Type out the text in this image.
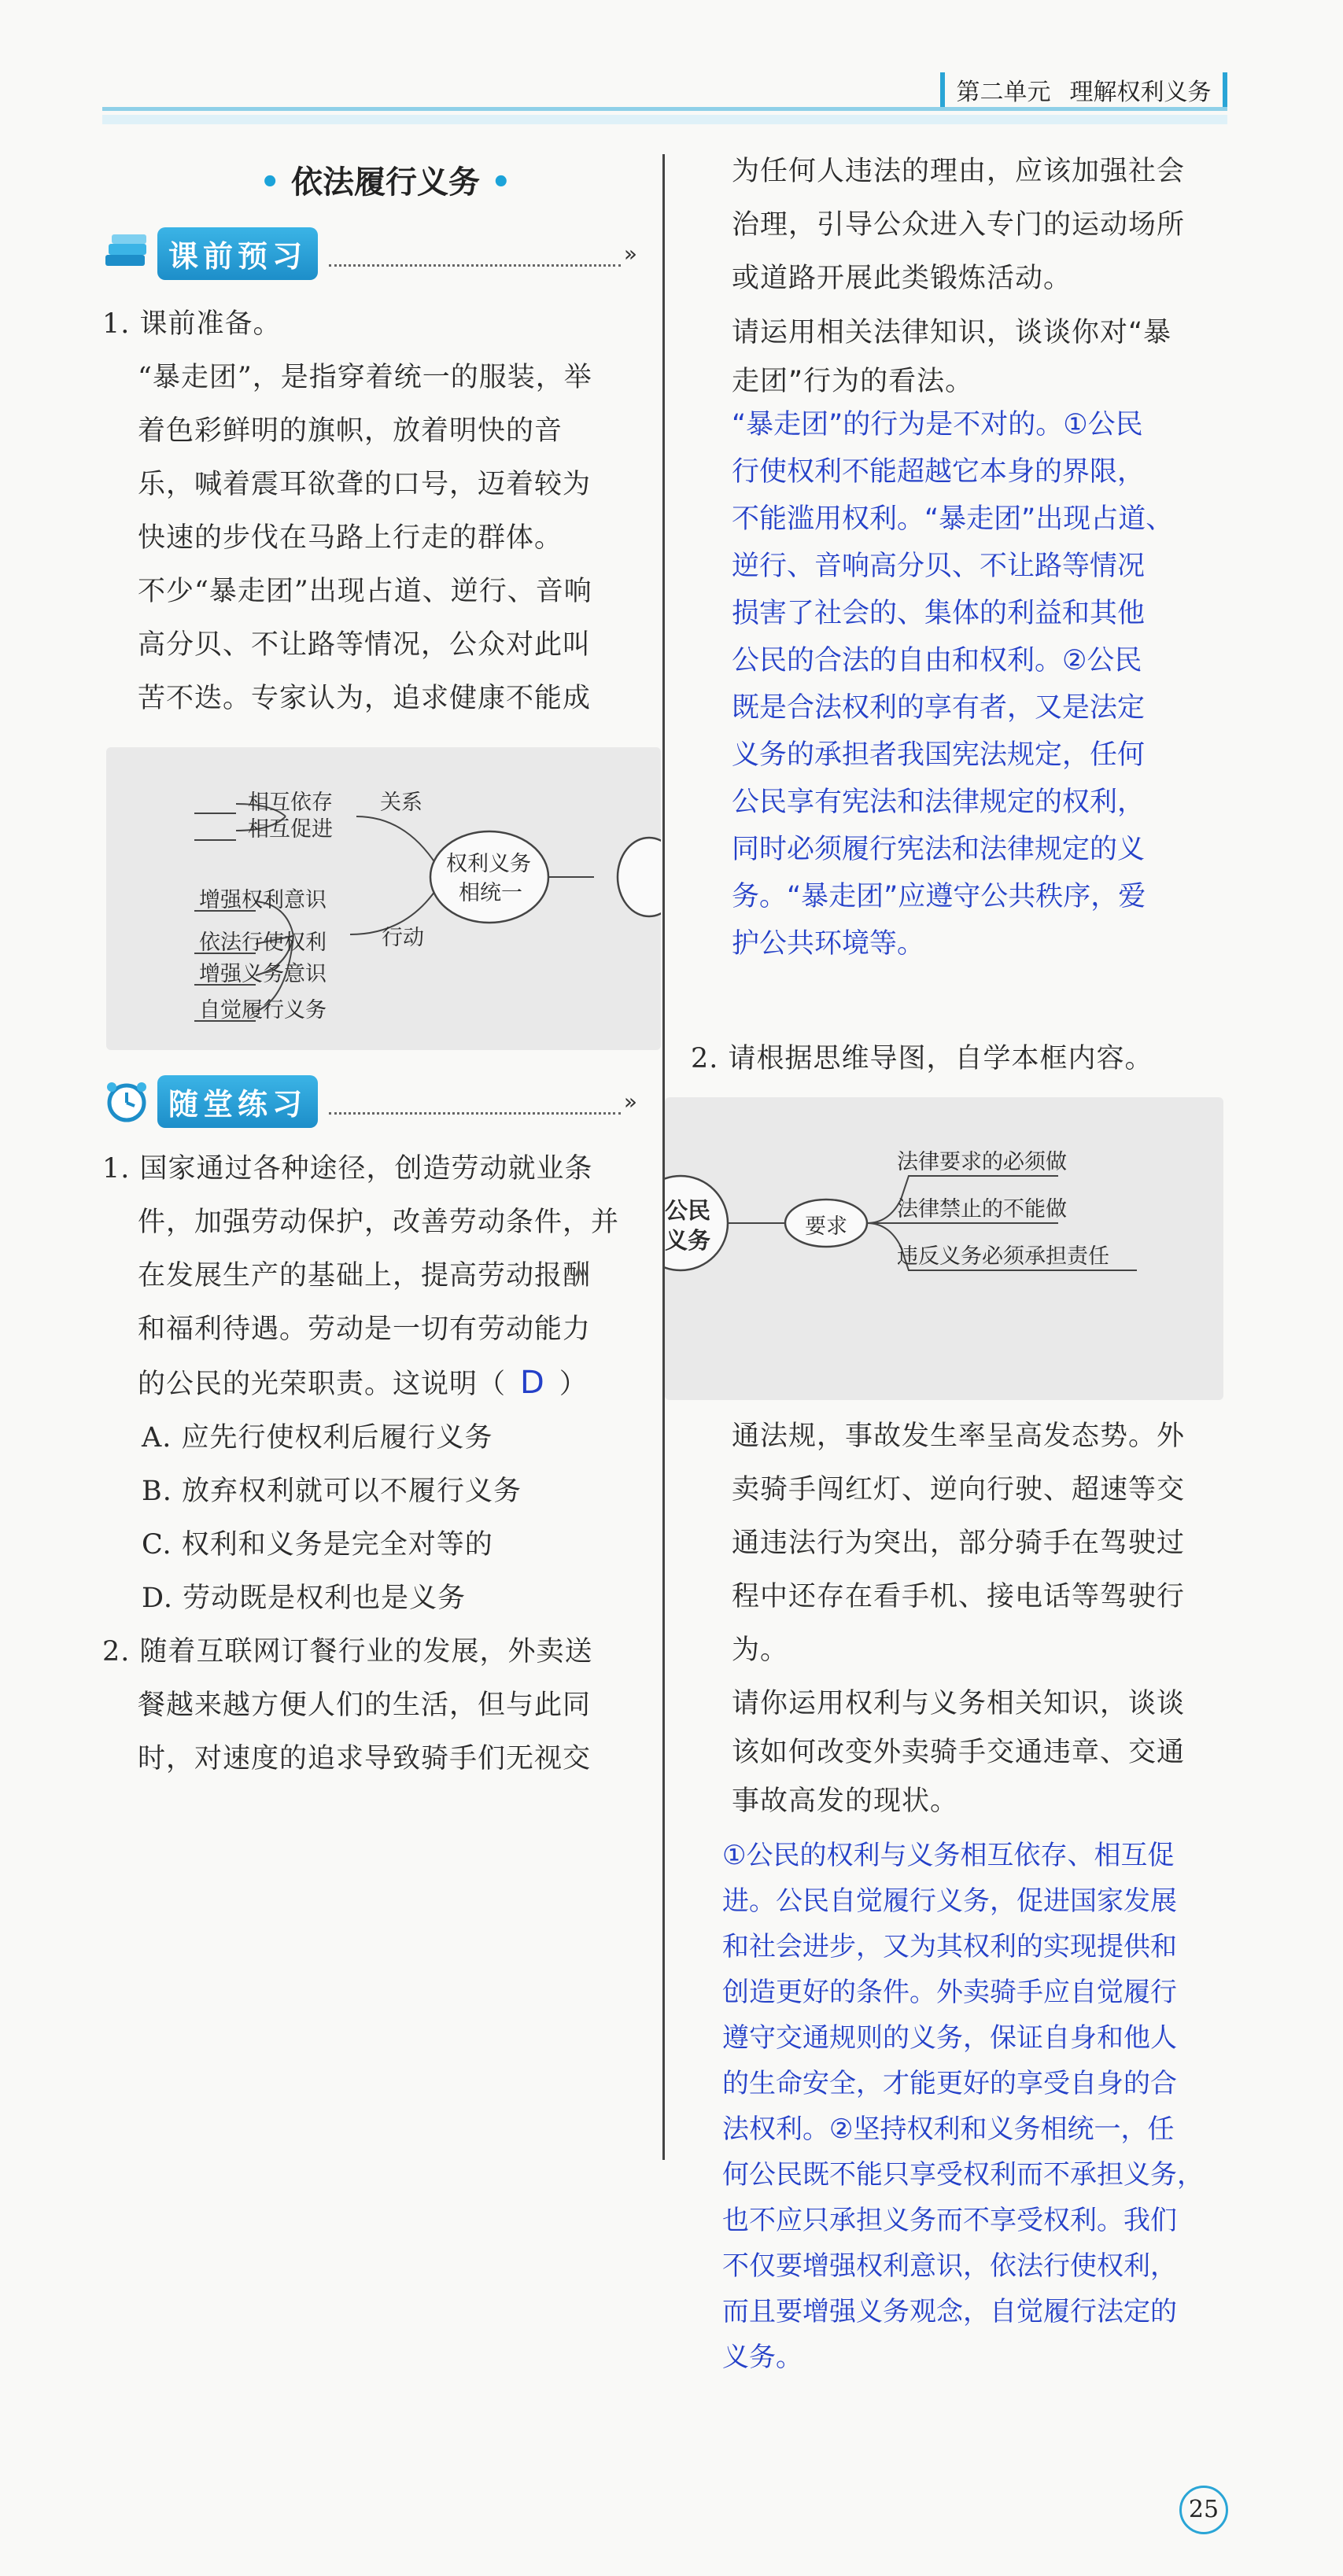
第二单元 理解权利义务
• 依法履行义务 •
课前预习	»

1. 课前准备。

“暴走团”，是指穿着统一的服装，举

着色彩鲜明的旗帜，放着明快的音

乐，喊着震耳欲聋的口号，迈着较为

快速的步伐在马路上行走的群体。

不少“暴走团”出现占道、逆行、音响

高分贝、不让路等情况，公众对此叫

苦不迭。专家认为，追求健康不能成

相互依存
相互促进
关系
权利义务
相统一
行动
增强权利意识
依法行使权利
增强义务意识
自觉履行义务
随堂练习	»

1. 国家通过各种途径，创造劳动就业条

件，加强劳动保护，改善劳动条件，并

在发展生产的基础上，提高劳动报酬

和福利待遇。劳动是一切有劳动能力

的公民的光荣职责。这说明（ D ）

A. 应先行使权利后履行义务

B. 放弃权利就可以不履行义务

C. 权利和义务是完全对等的

D. 劳动既是权利也是义务

2. 随着互联网订餐行业的发展，外卖送

餐越来越方便人们的生活，但与此同

时，对速度的追求导致骑手们无视交

为任何人违法的理由，应该加强社会

治理，引导公众进入专门的运动场所

或道路开展此类锻炼活动。

请运用相关法律知识，谈谈你对“暴

走团”行为的看法。

“暴走团”的行为是不对的。①公民

行使权利不能超越它本身的界限，

不能滥用权利。“暴走团”出现占道、

逆行、音响高分贝、不让路等情况

损害了社会的、集体的利益和其他

公民的合法的自由和权利。②公民

既是合法权利的享有者，又是法定

义务的承担者我国宪法规定，任何

公民享有宪法和法律规定的权利，

同时必须履行宪法和法律规定的义

务。“暴走团”应遵守公共秩序，爱

护公共环境等。

2. 请根据思维导图，自学本框内容。

公民
义务
要求
法律要求的必须做
法律禁止的不能做
违反义务必须承担责任

通法规，事故发生率呈高发态势。外

卖骑手闯红灯、逆向行驶、超速等交

通违法行为突出，部分骑手在驾驶过

程中还存在看手机、接电话等驾驶行

为。

请你运用权利与义务相关知识，谈谈

该如何改变外卖骑手交通违章、交通

事故高发的现状。

①公民的权利与义务相互依存、相互促

进。公民自觉履行义务，促进国家发展

和社会进步，又为其权利的实现提供和

创造更好的条件。外卖骑手应自觉履行

遵守交通规则的义务，保证自身和他人

的生命安全，才能更好的享受自身的合

法权利。②坚持权利和义务相统一，任

何公民既不能只享受权利而不承担义务，

也不应只承担义务而不享受权利。我们

不仅要增强权利意识，依法行使权利，

而且要增强义务观念，自觉履行法定的

义务。

25
